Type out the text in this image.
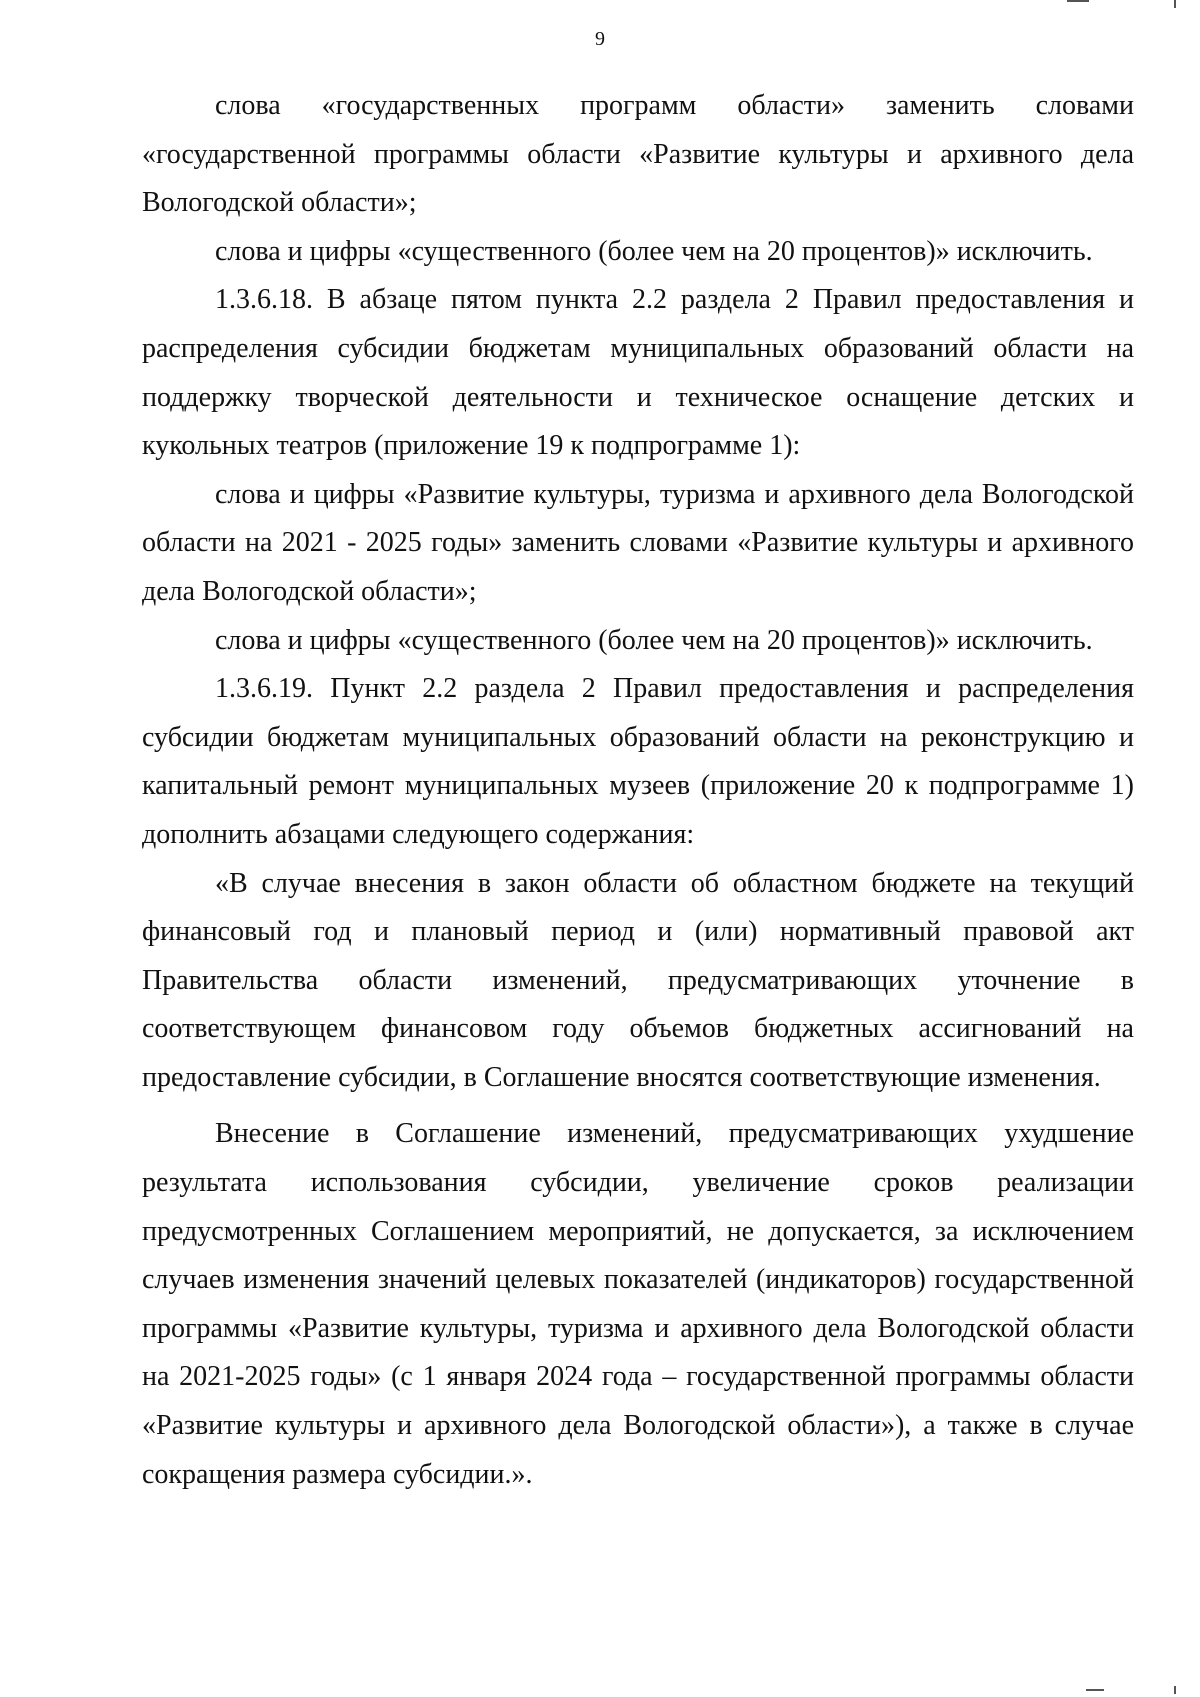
9

слова «государственных программ области» заменить словами «государственной программы области «Развитие культуры и архивного дела Вологодской области»;

слова и цифры «существенного (более чем на 20 процентов)» исключить.

1.3.6.18. В абзаце пятом пункта 2.2 раздела 2 Правил предоставления и распределения субсидии бюджетам муниципальных образований области на поддержку творческой деятельности и техническое оснащение детских и кукольных театров (приложение 19 к подпрограмме 1):

слова и цифры «Развитие культуры, туризма и архивного дела Вологодской области на 2021 - 2025 годы» заменить словами «Развитие культуры и архивного дела Вологодской области»;

слова и цифры «существенного (более чем на 20 процентов)» исключить.

1.3.6.19. Пункт 2.2 раздела 2 Правил предоставления и распределения субсидии бюджетам муниципальных образований области на реконструкцию и капитальный ремонт муниципальных музеев (приложение 20 к подпрограмме 1) дополнить абзацами следующего содержания:

«В случае внесения в закон области об областном бюджете на текущий финансовый год и плановый период и (или) нормативный правовой акт Правительства области изменений, предусматривающих уточнение в соответствующем финансовом году объемов бюджетных ассигнований на предоставление субсидии, в Соглашение вносятся соответствующие изменения.

Внесение в Соглашение изменений, предусматривающих ухудшение результата использования субсидии, увеличение сроков реализации предусмотренных Соглашением мероприятий, не допускается, за исключением случаев изменения значений целевых показателей (индикаторов) государственной программы «Развитие культуры, туризма и архивного дела Вологодской области на 2021-2025 годы» (с 1 января 2024 года – государственной программы области «Развитие культуры и архивного дела Вологодской области»), а также в случае сокращения размера субсидии.».
